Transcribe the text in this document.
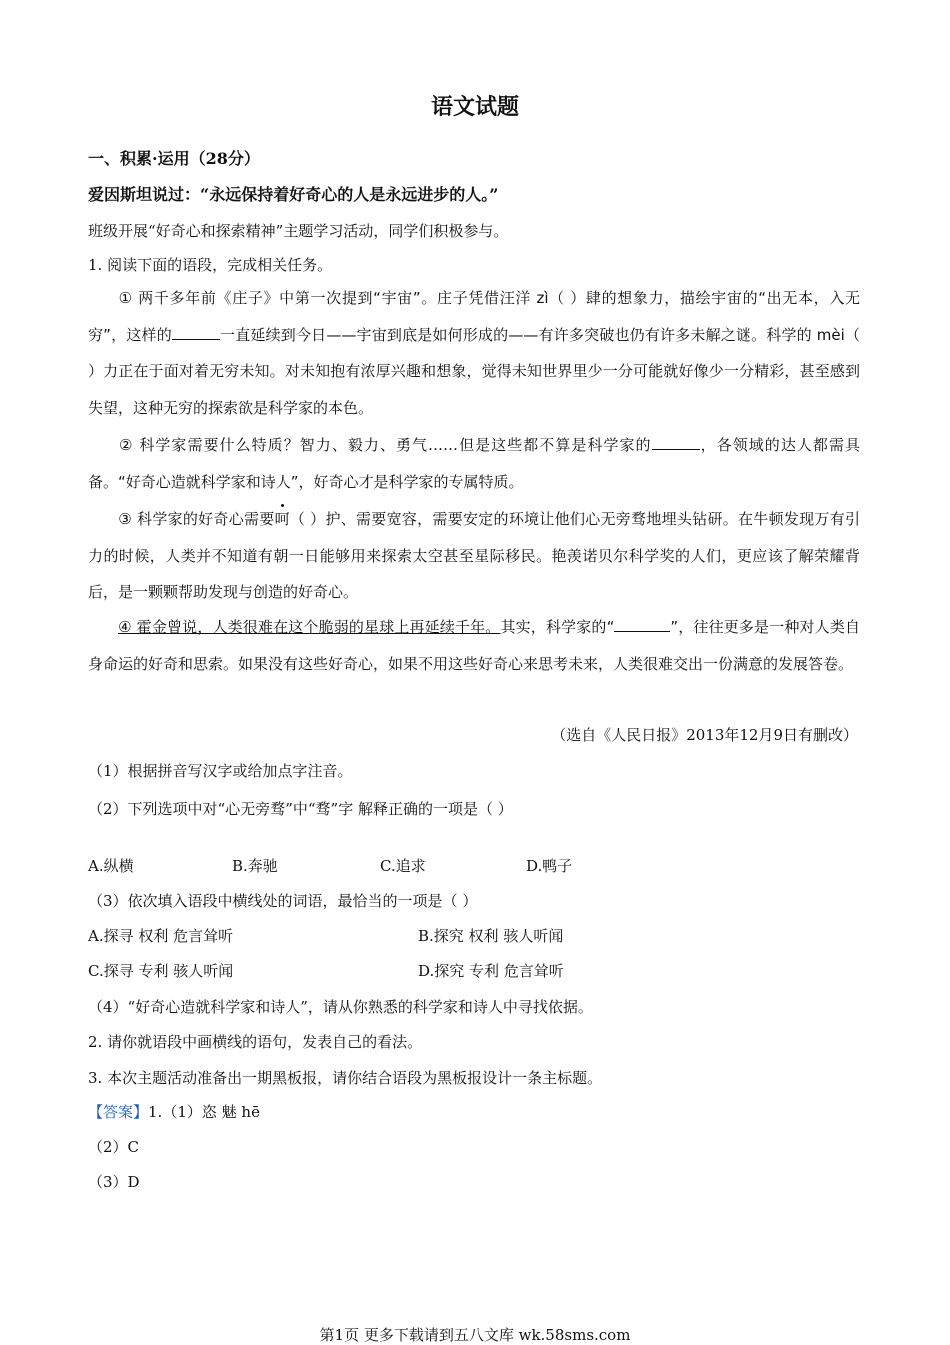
语文试题
一、积累·运用（28分）
爱因斯坦说过：“永远保持着好奇心的人是永远进步的人。”
班级开展“好奇心和探索精神”主题学习活动，同学们积极参与。
1. 阅读下面的语段，完成相关任务。
① 两千多年前《庄子》中第一次提到“宇宙”。庄子凭借汪洋 zì（ ）肆的想象力，描绘宇宙的“出无本，入无穷”，这样的	一直延续到今日——宇宙到底是如何形成的——有许多突破也仍有许多未解之谜。科学的 mèi（ ）力正在于面对着无穷未知。对未知抱有浓厚兴趣和想象，觉得未知世界里少一分可能就好像少一分精彩，甚至感到失望，这种无穷的探索欲是科学家的本色。
② 科学家需要什么特质？智力、毅力、勇气……但是这些都不算是科学家的	，各领域的达人都需具备。“好奇心造就科学家和诗人”，好奇心才是科学家的专属特质。
③ 科学家的好奇心需要呵（ ）护、需要宽容，需要安定的环境让他们心无旁骛地埋头钻研。在牛顿发现万有引力的时候，人类并不知道有朝一日能够用来探索太空甚至星际移民。艳羡诺贝尔科学奖的人们，更应该了解荣耀背后，是一颗颗帮助发现与创造的好奇心。
④ 霍金曾说，人类很难在这个脆弱的星球上再延续千年。其实，科学家的“	”，往往更多是一种对人类自身命运的好奇和思索。如果没有这些好奇心，如果不用这些好奇心来思考未来，人类很难交出一份满意的发展答卷。
（选自《人民日报》2013年12月9日有删改）
（1）根据拼音写汉字或给加点字注音。
（2）下列选项中对“心无旁骛”中“骛”字 解释正确的一项是（ ）
A.纵横	B.奔驰	C.追求	D.鸭子
（3）依次填入语段中横线处的词语，最恰当的一项是（ ）
A.探寻 权利 危言耸听	B.探究 权利 骇人听闻
C.探寻 专利 骇人听闻	D.探究 专利 危言耸听
（4）“好奇心造就科学家和诗人”，请从你熟悉的科学家和诗人中寻找依据。
2. 请你就语段中画横线的语句，发表自己的看法。
3. 本次主题活动准备出一期黑板报，请你结合语段为黑板报设计一条主标题。
【答案】1.（1）恣 魅 hē
（2）C
（3）D
第1页 更多下载请到五八文库 wk.58sms.com
